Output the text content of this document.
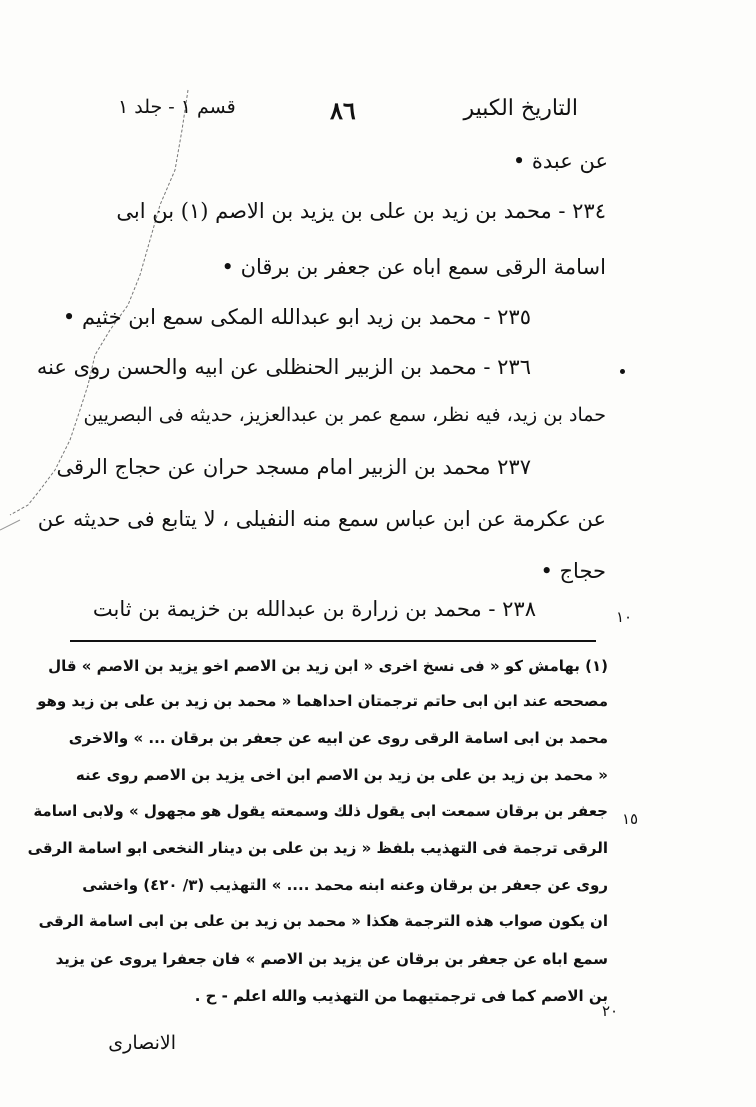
التاريخ الكبير
٨٦
قسم ١ - جلد ١
عن عبدة •
٢٣٤ - محمد بن زيد بن على بن يزيد بن الاصم (١) بن ابى
اسامة الرقى سمع اباه عن جعفر بن برقان •
٢٣٥ - محمد بن زيد ابو عبدالله المكى سمع ابن خثيم •
٢٣٦ - محمد بن الزبير الحنظلى عن ابيه والحسن روى عنه
حماد بن زيد، فيه نظر، سمع عمر بن عبدالعزيز، حديثه فى البصريين
٢٣٧ محمد بن الزبير امام مسجد حران عن حجاج الرقى
عن عكرمة عن ابن عباس سمع منه النفيلى ، لا يتابع فى حديثه عن
حجاج •
٢٣٨ - محمد بن زرارة بن عبدالله بن خزيمة بن ثابت	١٠
(١) بهامش كو « فى نسخ اخرى « ابن زيد بن الاصم اخو يزيد بن الاصم » قال
مصححه عند ابن ابى حاتم ترجمتان احداهما « محمد بن زيد بن على بن زيد وهو
محمد بن ابى اسامة الرقى روى عن ابيه عن جعفر بن برقان ... » والاخرى
« محمد بن زيد بن على بن زيد بن الاصم ابن اخى يزيد بن الاصم روى عنه
جعفر بن برقان سمعت ابى يقول ذلك وسمعته يقول هو مجهول » ولابى اسامة
الرقى ترجمة فى التهذيب بلفظ « زيد بن على بن دينار النخعى ابو اسامة الرقى
روى عن جعفر بن برقان وعنه ابنه محمد .... » التهذيب (٣/ ٤٢٠) واخشى
ان يكون صواب هذه الترجمة هكذا « محمد بن زيد بن على بن ابى اسامة الرقى
سمع اباه عن جعفر بن برقان عن يزيد بن الاصم » فان جعفرا يروى عن يزيد
بن الاصم كما فى ترجمتيهما من التهذيب والله اعلم - ح .
١٥
٢٠
الانصارى
